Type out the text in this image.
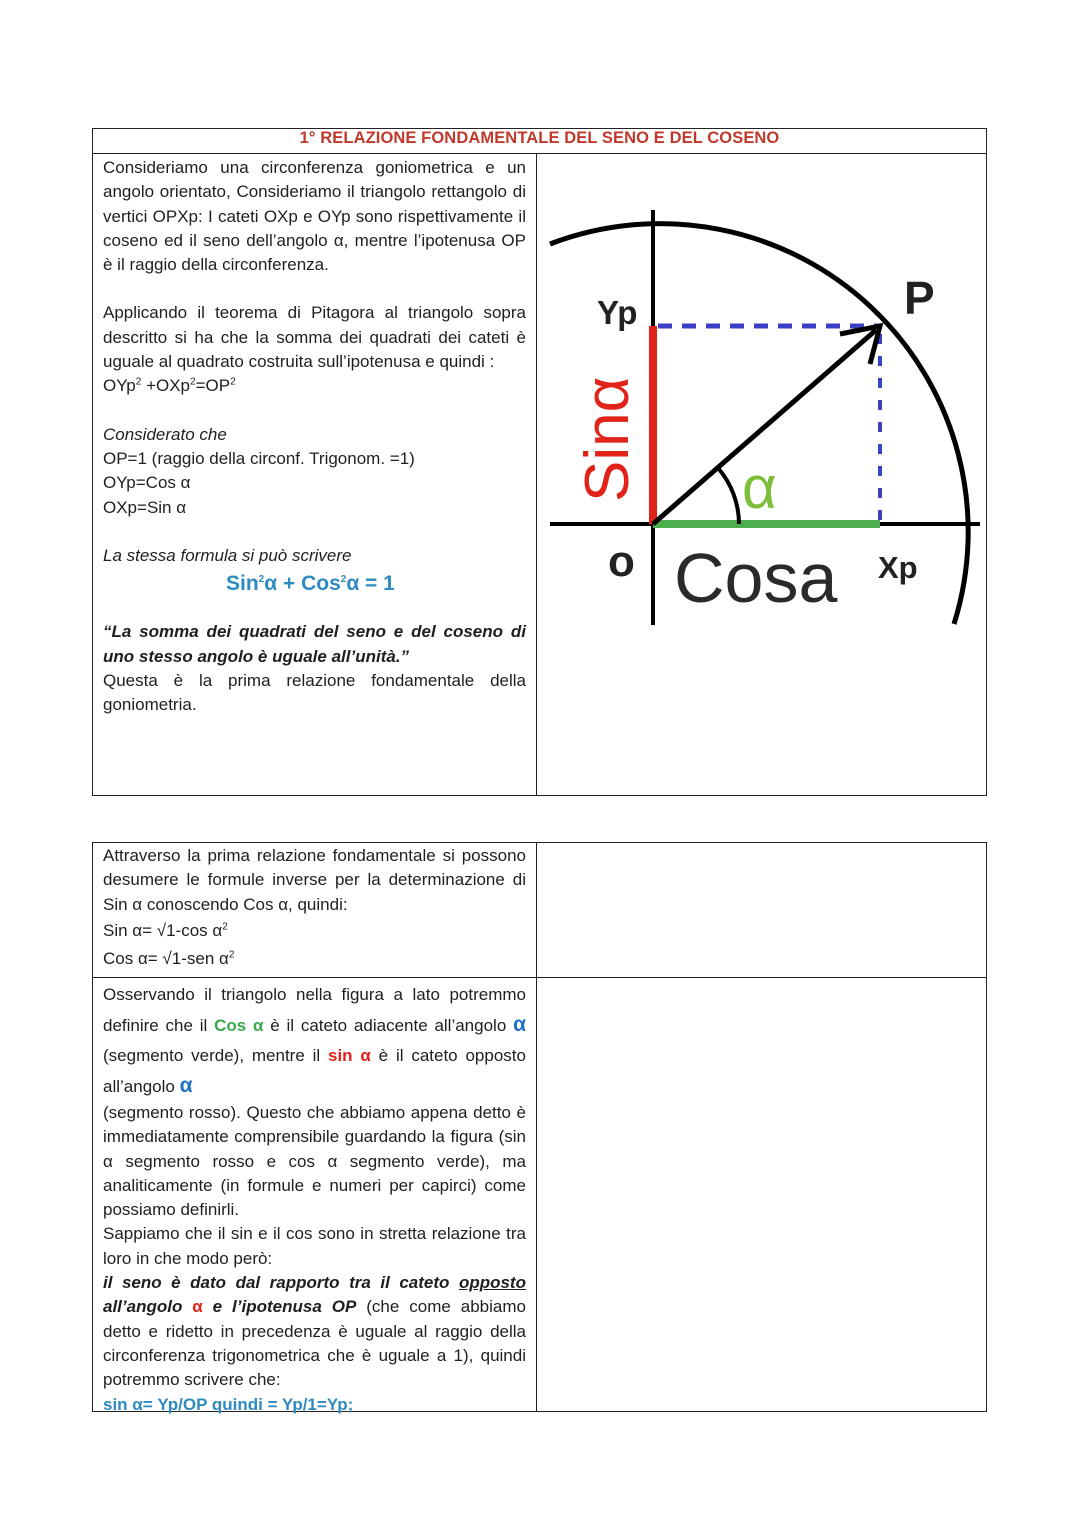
1° RELAZIONE FONDAMENTALE DEL SENO E DEL COSENO

Consideriamo una circonferenza goniometrica e un angolo orientato, Consideriamo il triangolo rettangolo di vertici OPXp: I cateti OXp e OYp sono rispettivamente il coseno ed il seno dell’angolo α, mentre l’ipotenusa OP è il raggio della circonferenza.

Applicando il teorema di Pitagora al triangolo sopra descritto si ha che la somma dei quadrati dei cateti è uguale al quadrato costruita sull’ipotenusa e quindi :

$OYp^2 +OXp^2=OP^2$

Considerato che

OP=1 (raggio della circonf. Trigonom. =1)

OYp=Cos α

OXp=Sin α

La stessa formula si può scrivere

Sin$^2$α + Cos$^2$α = 1

“La somma dei quadrati del seno e del coseno di uno stesso angolo è uguale all’unità.”

Questa è la prima relazione fondamentale della goniometria.

α
Yp	P
Sinα
o Cosa Xp

Attraverso la prima relazione fondamentale si possono desumere le formule inverse per la determinazione di Sin α conoscendo Cos α, quindi:

Sin α= √1-cos $\alpha^2$

Cos α= √1-sen $\alpha^2$

Osservando il triangolo nella figura a lato potremmo definire che il Cos α è il cateto adiacente all’angolo α (segmento verde), mentre il sin α è il cateto opposto all’angolo α

(segmento rosso). Questo che abbiamo appena detto è immediatamente comprensibile guardando la figura (sin α segmento rosso e cos α segmento verde), ma analiticamente (in formule e numeri per capirci) come possiamo definirli.

Sappiamo che il sin e il cos sono in stretta relazione tra loro in che modo però:

il seno è dato dal rapporto tra il cateto opposto all’angolo α e l’ipotenusa OP (che come abbiamo detto e ridetto in precedenza è uguale al raggio della circonferenza trigonometrica che è uguale a 1), quindi potremmo scrivere che:

sin α= Yp/OP quindi = Yp/1=Yp;
